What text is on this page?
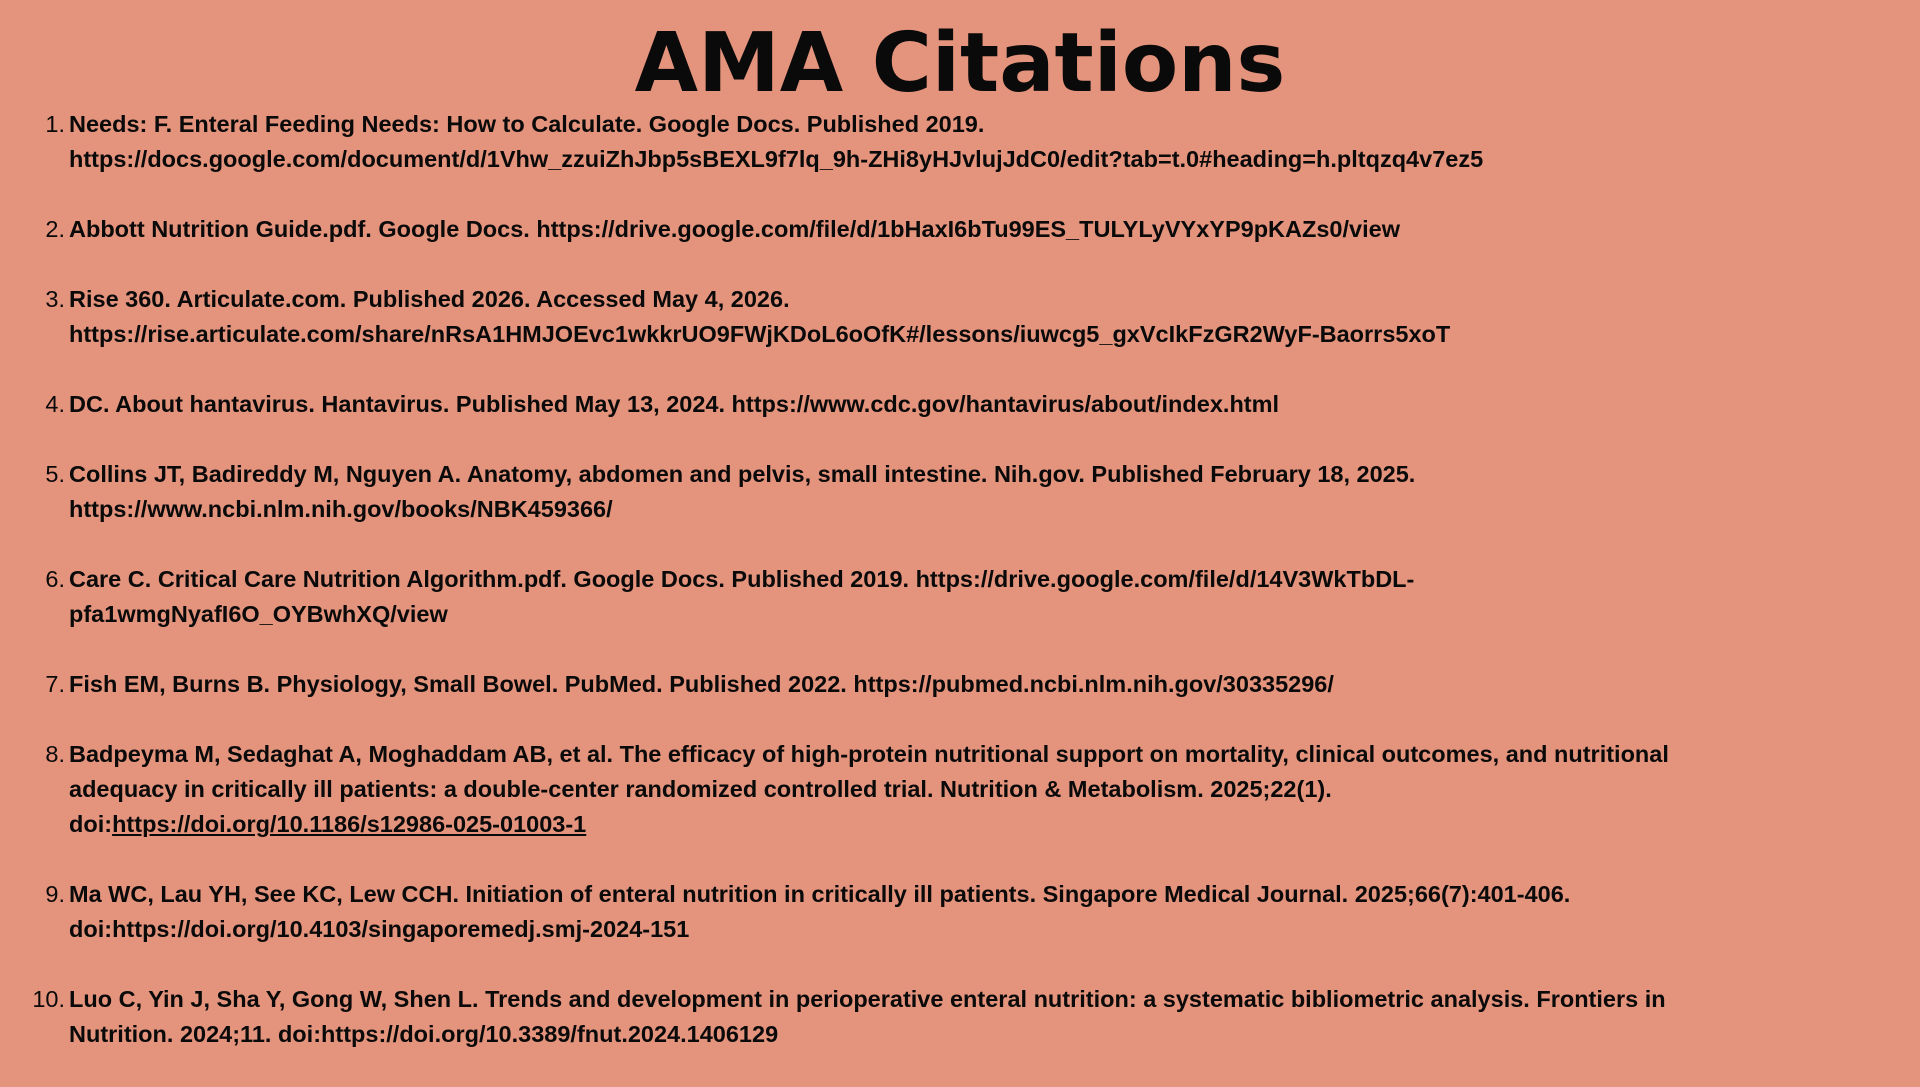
AMA Citations
1. Needs: F. Enteral Feeding Needs: How to Calculate. Google Docs. Published 2019.
https://docs.google.com/document/d/1Vhw_zzuiZhJbp5sBEXL9f7lq_9h-ZHi8yHJvlujJdC0/edit?tab=t.0#heading=h.pltqzq4v7ez5
2. Abbott Nutrition Guide.pdf. Google Docs. https://drive.google.com/file/d/1bHaxI6bTu99ES_TULYLyVYxYP9pKAZs0/view
3. Rise 360. Articulate.com. Published 2026. Accessed May 4, 2026.
https://rise.articulate.com/share/nRsA1HMJOEvc1wkkrUO9FWjKDoL6oOfK#/lessons/iuwcg5_gxVcIkFzGR2WyF-Baorrs5xoT
4. DC. About hantavirus. Hantavirus. Published May 13, 2024. https://www.cdc.gov/hantavirus/about/index.html
5. Collins JT, Badireddy M, Nguyen A. Anatomy, abdomen and pelvis, small intestine. Nih.gov. Published February 18, 2025.
https://www.ncbi.nlm.nih.gov/books/NBK459366/
6. Care C. Critical Care Nutrition Algorithm.pdf. Google Docs. Published 2019. https://drive.google.com/file/d/14V3WkTbDL-
pfa1wmgNyafI6O_OYBwhXQ/view
7. Fish EM, Burns B. Physiology, Small Bowel. PubMed. Published 2022. https://pubmed.ncbi.nlm.nih.gov/30335296/
8. Badpeyma M, Sedaghat A, Moghaddam AB, et al. The efficacy of high-protein nutritional support on mortality, clinical outcomes, and nutritional
adequacy in critically ill patients: a double-center randomized controlled trial. Nutrition & Metabolism. 2025;22(1).
doi:https://doi.org/10.1186/s12986-025-01003-1
9. Ma WC, Lau YH, See KC, Lew CCH. Initiation of enteral nutrition in critically ill patients. Singapore Medical Journal. 2025;66(7):401-406.
doi:https://doi.org/10.4103/singaporemedj.smj-2024-151
10. Luo C, Yin J, Sha Y, Gong W, Shen L. Trends and development in perioperative enteral nutrition: a systematic bibliometric analysis. Frontiers in
Nutrition. 2024;11. doi:https://doi.org/10.3389/fnut.2024.1406129
